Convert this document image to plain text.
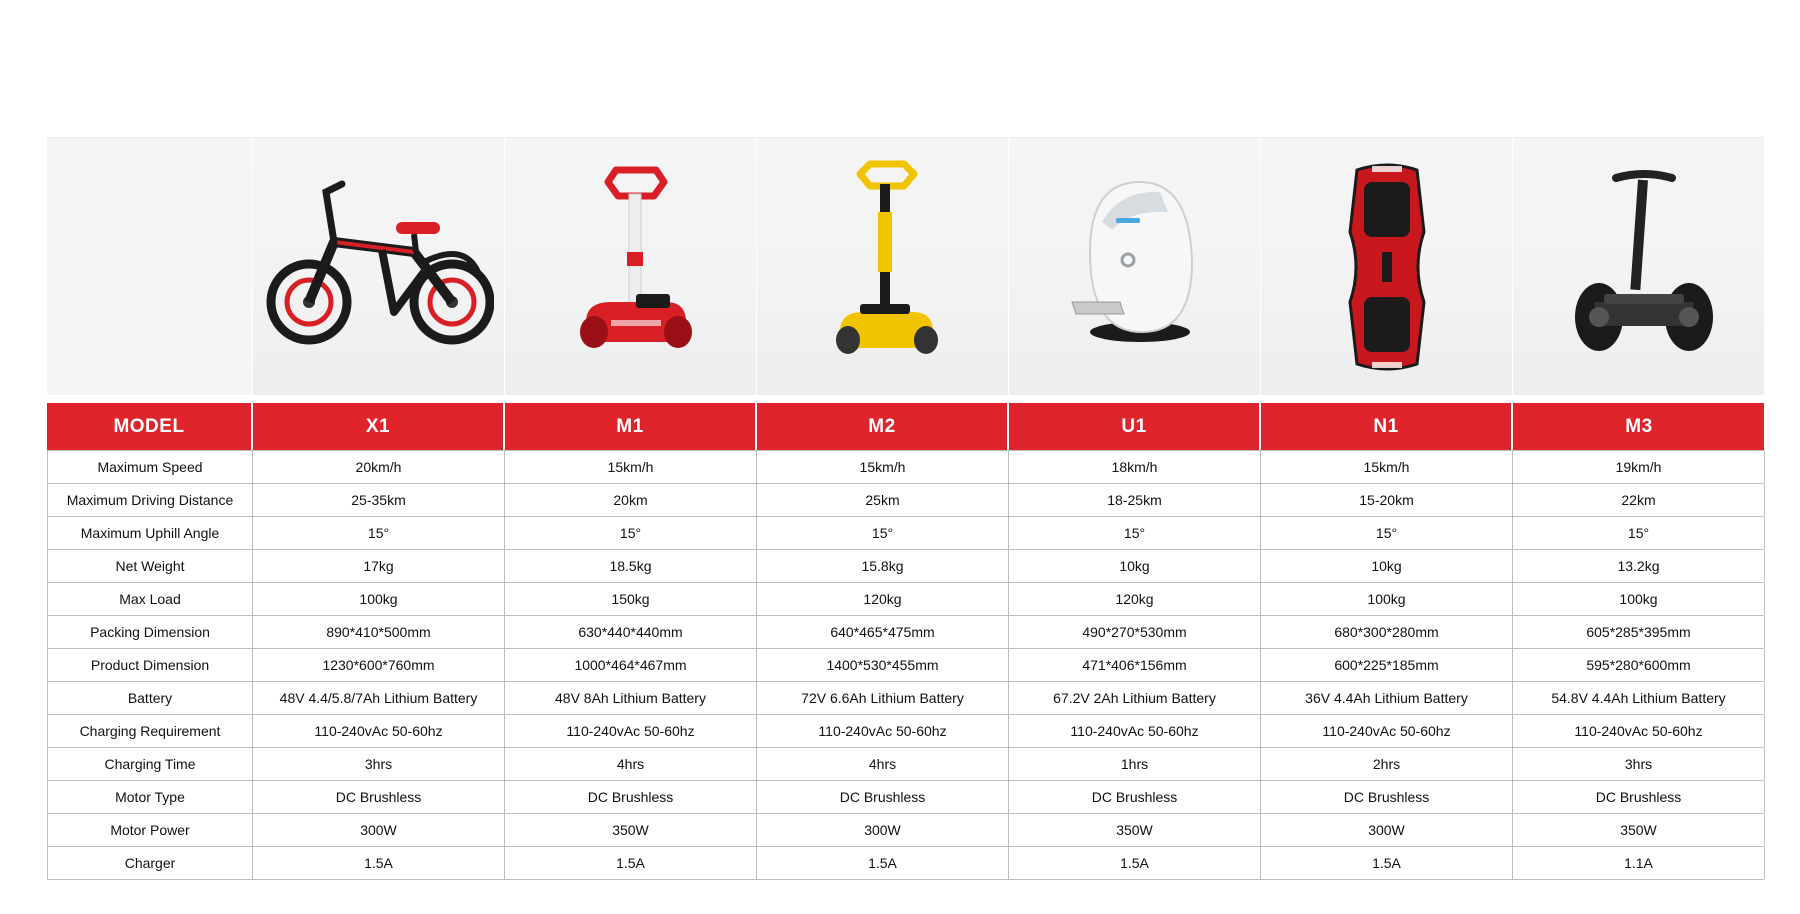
MODEL	X1	M1	M2	U1	N1	M3
Maximum Speed	20km/h	15km/h	15km/h	18km/h	15km/h	19km/h
Maximum Driving Distance	25-35km	20km	25km	18-25km	15-20km	22km
Maximum Uphill Angle	15°	15°	15°	15°	15°	15°
Net Weight	17kg	18.5kg	15.8kg	10kg	10kg	13.2kg
Max Load	100kg	150kg	120kg	120kg	100kg	100kg
Packing Dimension	890*410*500mm	630*440*440mm	640*465*475mm	490*270*530mm	680*300*280mm	605*285*395mm
Product Dimension	1230*600*760mm	1000*464*467mm	1400*530*455mm	471*406*156mm	600*225*185mm	595*280*600mm
Battery	48V 4.4/5.8/7Ah Lithium Battery	48V 8Ah Lithium Battery	72V 6.6Ah Lithium Battery	67.2V 2Ah Lithium Battery	36V 4.4Ah Lithium Battery	54.8V 4.4Ah Lithium Battery
Charging Requirement	110-240vAc 50-60hz	110-240vAc 50-60hz	110-240vAc 50-60hz	110-240vAc 50-60hz	110-240vAc 50-60hz	110-240vAc 50-60hz
Charging Time	3hrs	4hrs	4hrs	1hrs	2hrs	3hrs
Motor Type	DC Brushless	DC Brushless	DC Brushless	DC Brushless	DC Brushless	DC Brushless
Motor Power	300W	350W	300W	350W	300W	350W
Charger	1.5A	1.5A	1.5A	1.5A	1.5A	1.1A
